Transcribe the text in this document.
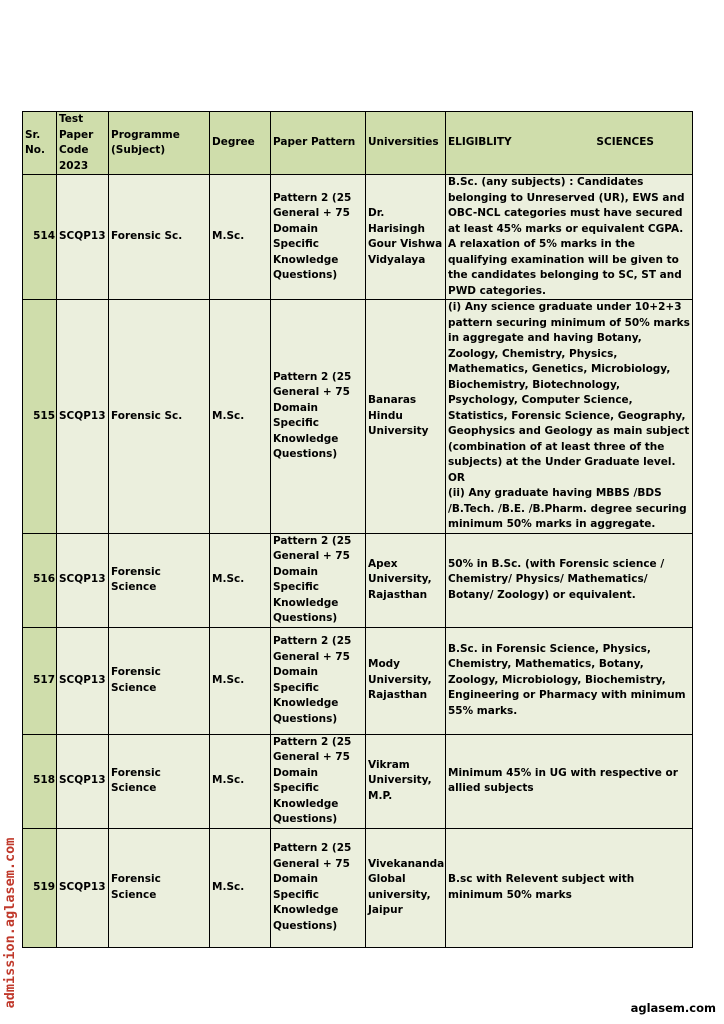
Sr. No.	Test Paper Code 2023	Programme (Subject)	Degree	Paper Pattern	Universities	ELIGIBLITY SCIENCES

514	SCQP13	Forensic Sc.	M.Sc.	Pattern 2 (25 General + 75 Domain Specific Knowledge Questions)	Dr. Harisingh Gour Vishwa Vidyalaya	B.Sc. (any subjects) : Candidates belonging to Unreserved (UR), EWS and OBC-NCL categories must have secured at least 45% marks or equivalent CGPA. A relaxation of 5% marks in the qualifying examination will be given to the candidates belonging to SC, ST and PWD categories.
515	SCQP13	Forensic Sc.	M.Sc.	Pattern 2 (25 General + 75 Domain Specific Knowledge Questions)	Banaras Hindu University	(i) Any science graduate under 10+2+3 pattern securing minimum of 50% marks in aggregate and having Botany, Zoology, Chemistry, Physics, Mathematics, Genetics, Microbiology, Biochemistry, Biotechnology, Psychology, Computer Science, Statistics, Forensic Science, Geography, Geophysics and Geology as main subject (combination of at least three of the subjects) at the Under Graduate level. OR
(ii) Any graduate having MBBS /BDS /B.Tech. /B.E. /B.Pharm. degree securing minimum 50% marks in aggregate.
516	SCQP13	Forensic Science	M.Sc.	Pattern 2 (25 General + 75 Domain Specific Knowledge Questions)	Apex University, Rajasthan	50% in B.Sc. (with Forensic science / Chemistry/ Physics/ Mathematics/ Botany/ Zoology) or equivalent.
517	SCQP13	Forensic Science	M.Sc.	Pattern 2 (25 General + 75 Domain Specific Knowledge Questions)	Mody University, Rajasthan	B.Sc. in Forensic Science, Physics, Chemistry, Mathematics, Botany, Zoology, Microbiology, Biochemistry, Engineering or Pharmacy with minimum 55% marks.
518	SCQP13	Forensic Science	M.Sc.	Pattern 2 (25 General + 75 Domain Specific Knowledge Questions)	Vikram University, M.P.	Minimum 45% in UG with respective or allied subjects
519	SCQP13	Forensic Science	M.Sc.	Pattern 2 (25 General + 75 Domain Specific Knowledge Questions)	Vivekananda Global university, Jaipur	B.sc with Relevent subject with minimum 50% marks
admission.aglasem.com
aglasem.com
